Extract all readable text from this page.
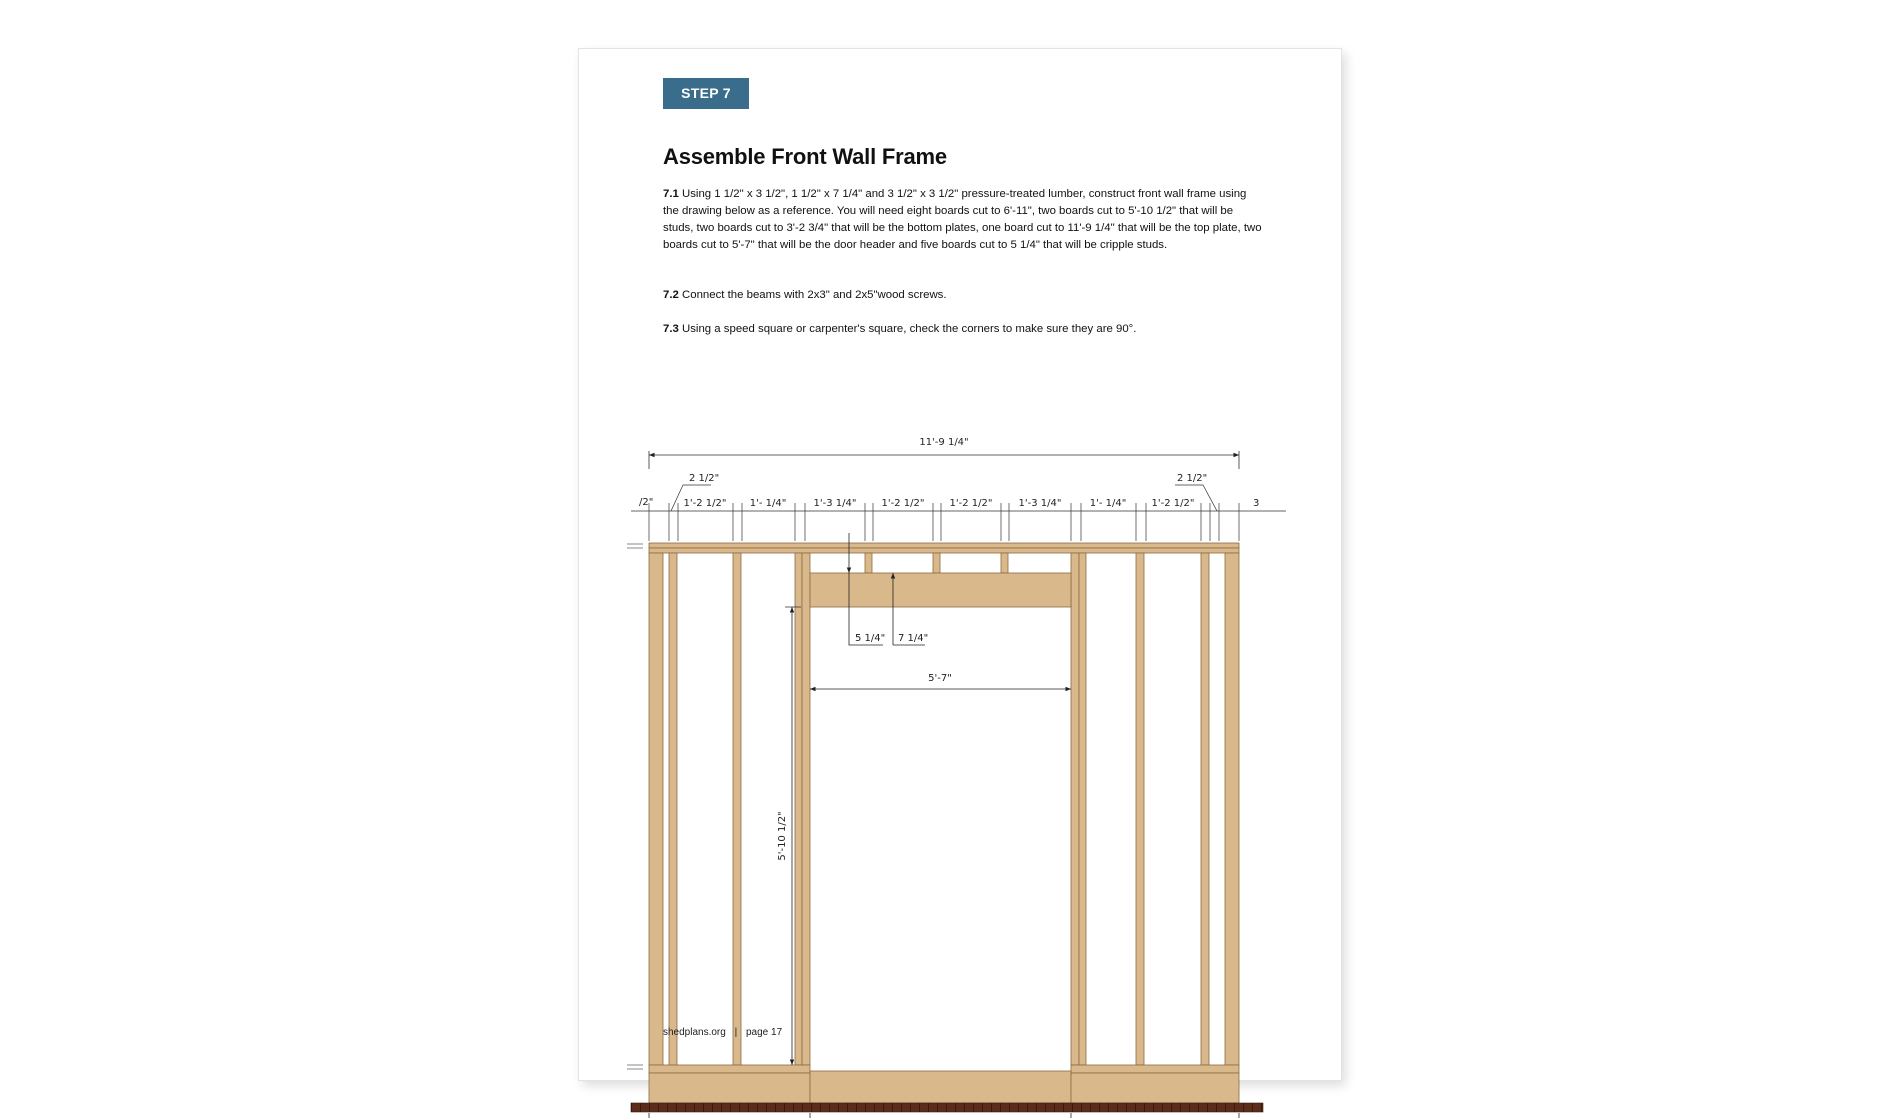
STEP 7
Assemble Front Wall Frame

7.1 Using 1 1/2" x 3 1/2", 1 1/2" x 7 1/4" and 3 1/2" x 3 1/2" pressure-treated lumber, construct front wall frame using the drawing below as a reference. You will need eight boards cut to 6'-11", two boards cut to 5'-10 1/2" that will be studs, two boards cut to 3'-2 3/4" that will be the bottom plates, one board cut to 11'-9 1/4" that will be the top plate, two boards cut to 5'-7" that will be the door header and five boards cut to 5 1/4" that will be cripple studs.

7.2 Connect the beams with 2x3" and 2x5"wood screws.

7.3 Using a speed square or carpenter's square, check the corners to make sure they are 90°.

11'-9 1/4"
/2"
2 1/2"
1'-2 1/2" 1'- 1/4"	1'-3 1/4"	1'-2 1/2"	1'-2 1/2"	1'-3 1/4"	1'- 1/4"	1'-2 1/2"
2 1/2"
3
5 1/4" 7 1/4"
5'-7"
5'-10 1/2"
shedplans.org | page 17
